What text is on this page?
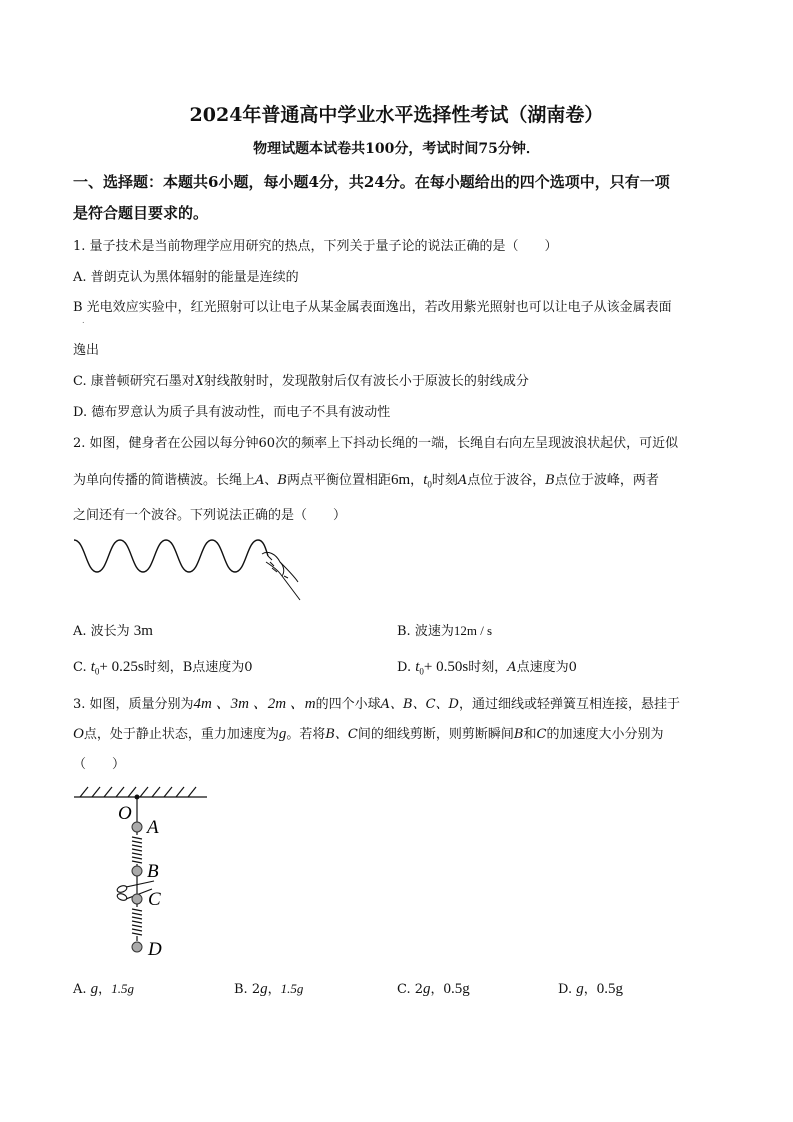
2024年普通高中学业水平选择性考试（湖南卷）
物理试题本试卷共100分，考试时间75分钟．
一、选择题：本题共6小题，每小题4分，共24分。在每小题给出的四个选项中，只有一项
是符合题目要求的。
1. 量子技术是当前物理学应用研究的热点，下列关于量子论的说法正确的是（　　）
A. 普朗克认为黑体辐射的能量是连续的
B 光电效应实验中，红光照射可以让电子从某金属表面逸出，若改用紫光照射也可以让电子从该金属表面
.
逸出
C. 康普顿研究石墨对X射线散射时，发现散射后仅有波长小于原波长的射线成分
D. 德布罗意认为质子具有波动性，而电子不具有波动性
2. 如图，健身者在公园以每分钟60次的频率上下抖动长绳的一端，长绳自右向左呈现波浪状起伏，可近似
为单向传播的简谐横波。长绳上A、B两点平衡位置相距6m，$t_0$时刻A点位于波谷，B点位于波峰，两者
之间还有一个波谷。下列说法正确的是（　　）
A. 波长为 3m	B. 波速为12m / s
C. $t_0+ 0.25s$时刻，B点速度为0	D. $t_0+ 0.50s$时刻，A点速度为0
3. 如图，质量分别为4m 、3m 、2m 、m的四个小球A、B、C、D，通过细线或轻弹簧互相连接，悬挂于
O点，处于静止状态，重力加速度为g。若将B、C间的细线剪断，则剪断瞬间B和C的加速度大小分别为
（　　）
O
A
B
C
D
A. g，1.5g	B. 2g，1.5g	C. 2g，0.5g	D. g，0.5g
